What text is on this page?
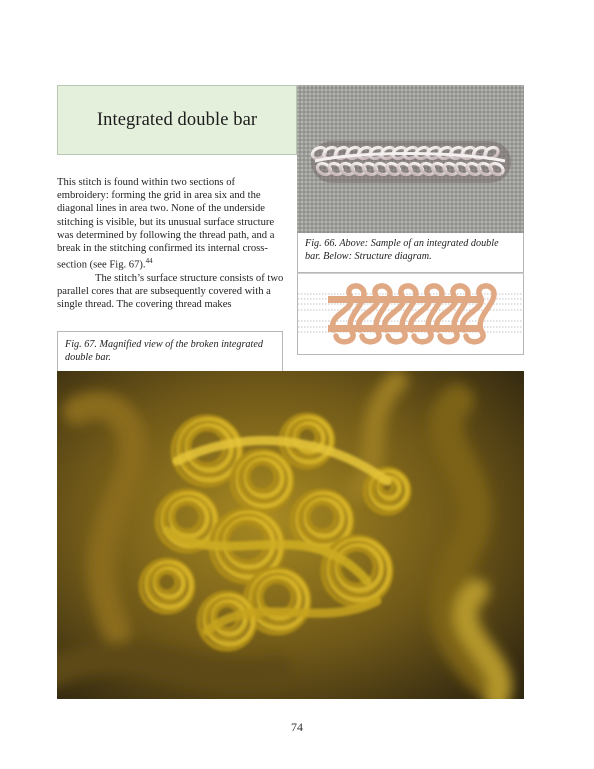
Integrated double bar

This stitch is found within two sections of embroidery: forming the grid in area six and the diagonal lines in area two. None of the underside stitching is visible, but its unusual surface structure was determined by following the thread path, and a break in the stitching confirmed its internal cross-section (see Fig. 67).$^{44}$

The stitch’s surface structure consists of two parallel cores that are subsequently covered with a single thread. The covering thread makes

Fig. 66. Above: Sample of an integrated double bar. Below: Structure diagram.
Fig. 67. Magnified view of the broken integrated double bar.
74
